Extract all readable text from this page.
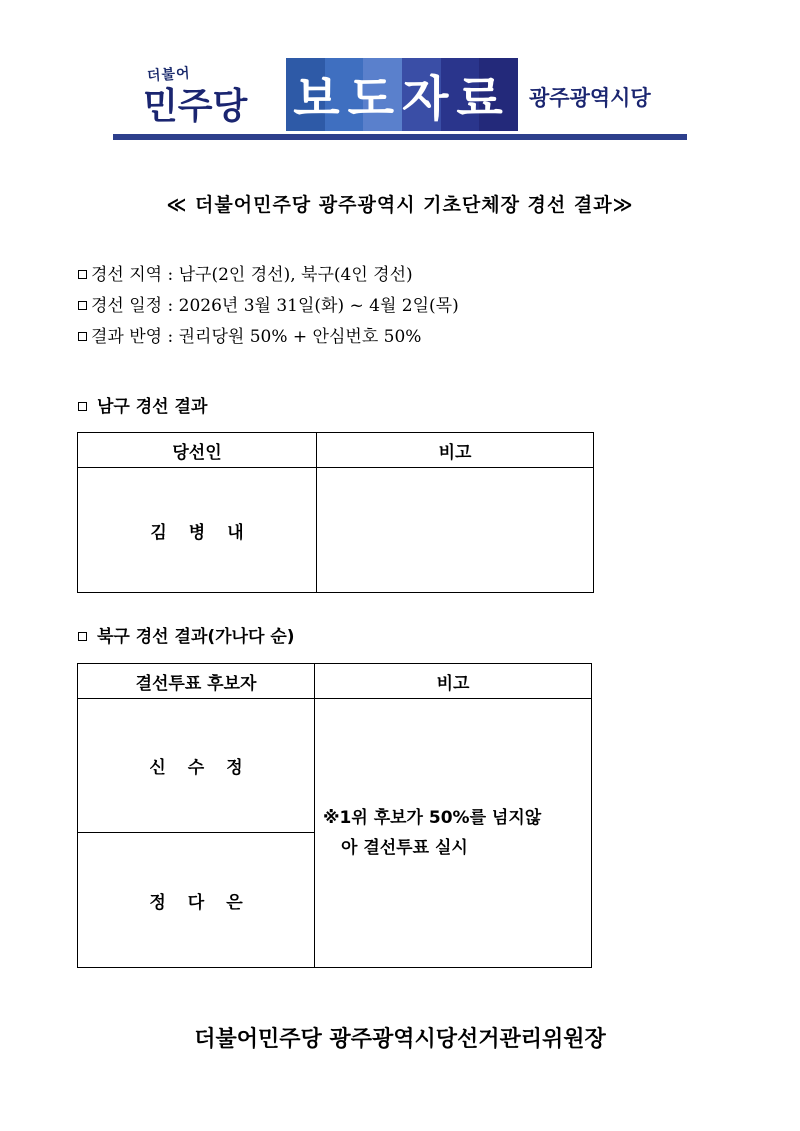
더불어
민주당 보도자료 광주광역시당
≪ 더불어민주당 광주광역시 기초단체장 경선 결과≫
경선 지역 : 남구(2인 경선), 북구(4인 경선)
경선 일정 : 2026년 3월 31일(화) ~ 4월 2일(목)
결과 반영 : 권리당원 50% + 안심번호 50%
남구 경선 결과
당선인	비고
김병내	
북구 경선 결과(가나다 순)
결선투표 후보자	비고
신수정	※1위 후보가 50%를 넘지않
아 결선투표 실시

정다은	
더불어민주당 광주광역시당선거관리위원장
